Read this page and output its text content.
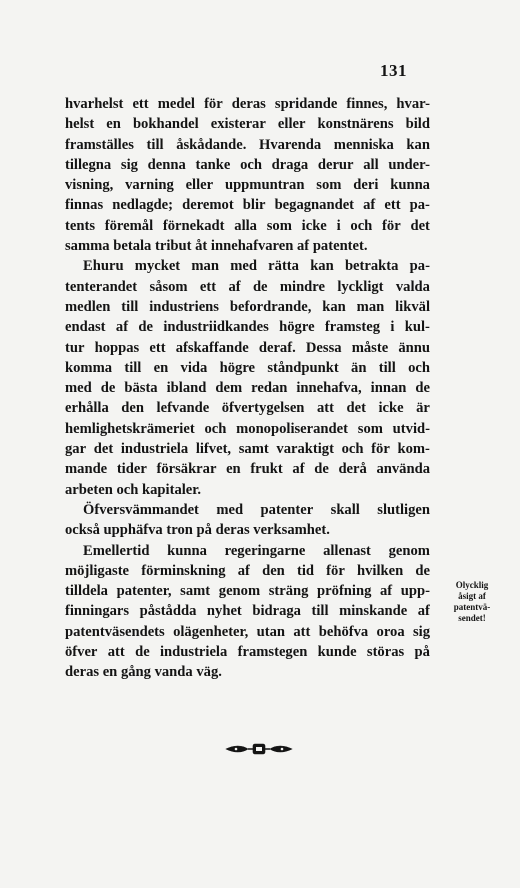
131
hvarhelst ett medel för deras spridande finnes, hvar-
helst en bokhandel existerar eller konstnärens bild
framställes till åskådande. Hvarenda menniska kan
tillegna sig denna tanke och draga derur all under-
visning, varning eller uppmuntran som deri kunna
finnas nedlagde; deremot blir begagnandet af ett pa-
tents föremål förnekadt alla som icke i och för det
samma betala tribut åt innehafvaren af patentet.
Ehuru mycket man med rätta kan betrakta pa-
tenterandet såsom ett af de mindre lyckligt valda
medlen till industriens befordrande, kan man likväl
endast af de industriidkandes högre framsteg i kul-
tur hoppas ett afskaffande deraf. Dessa måste ännu
komma till en vida högre ståndpunkt än till och
med de bästa ibland dem redan innehafva, innan de
erhålla den lefvande öfvertygelsen att det icke är
hemlighetskrämeriet och monopoliserandet som utvid-
gar det industriela lifvet, samt varaktigt och för kom-
mande tider försäkrar en frukt af de derå använda
arbeten och kapitaler.
Öfversvämmandet med patenter skall slutligen
också upphäfva tron på deras verksamhet.
Emellertid kunna regeringarne allenast genom
möjligaste förminskning af den tid för hvilken de
tilldela patenter, samt genom sträng pröfning af upp-
finningars påstådda nyhet bidraga till minskande af
patentväsendets olägenheter, utan att behöfva oroa sig
öfver att de industriela framstegen kunde störas på
deras en gång vanda väg.
Olycklig
åsigt af
patentvä-
sendet!
